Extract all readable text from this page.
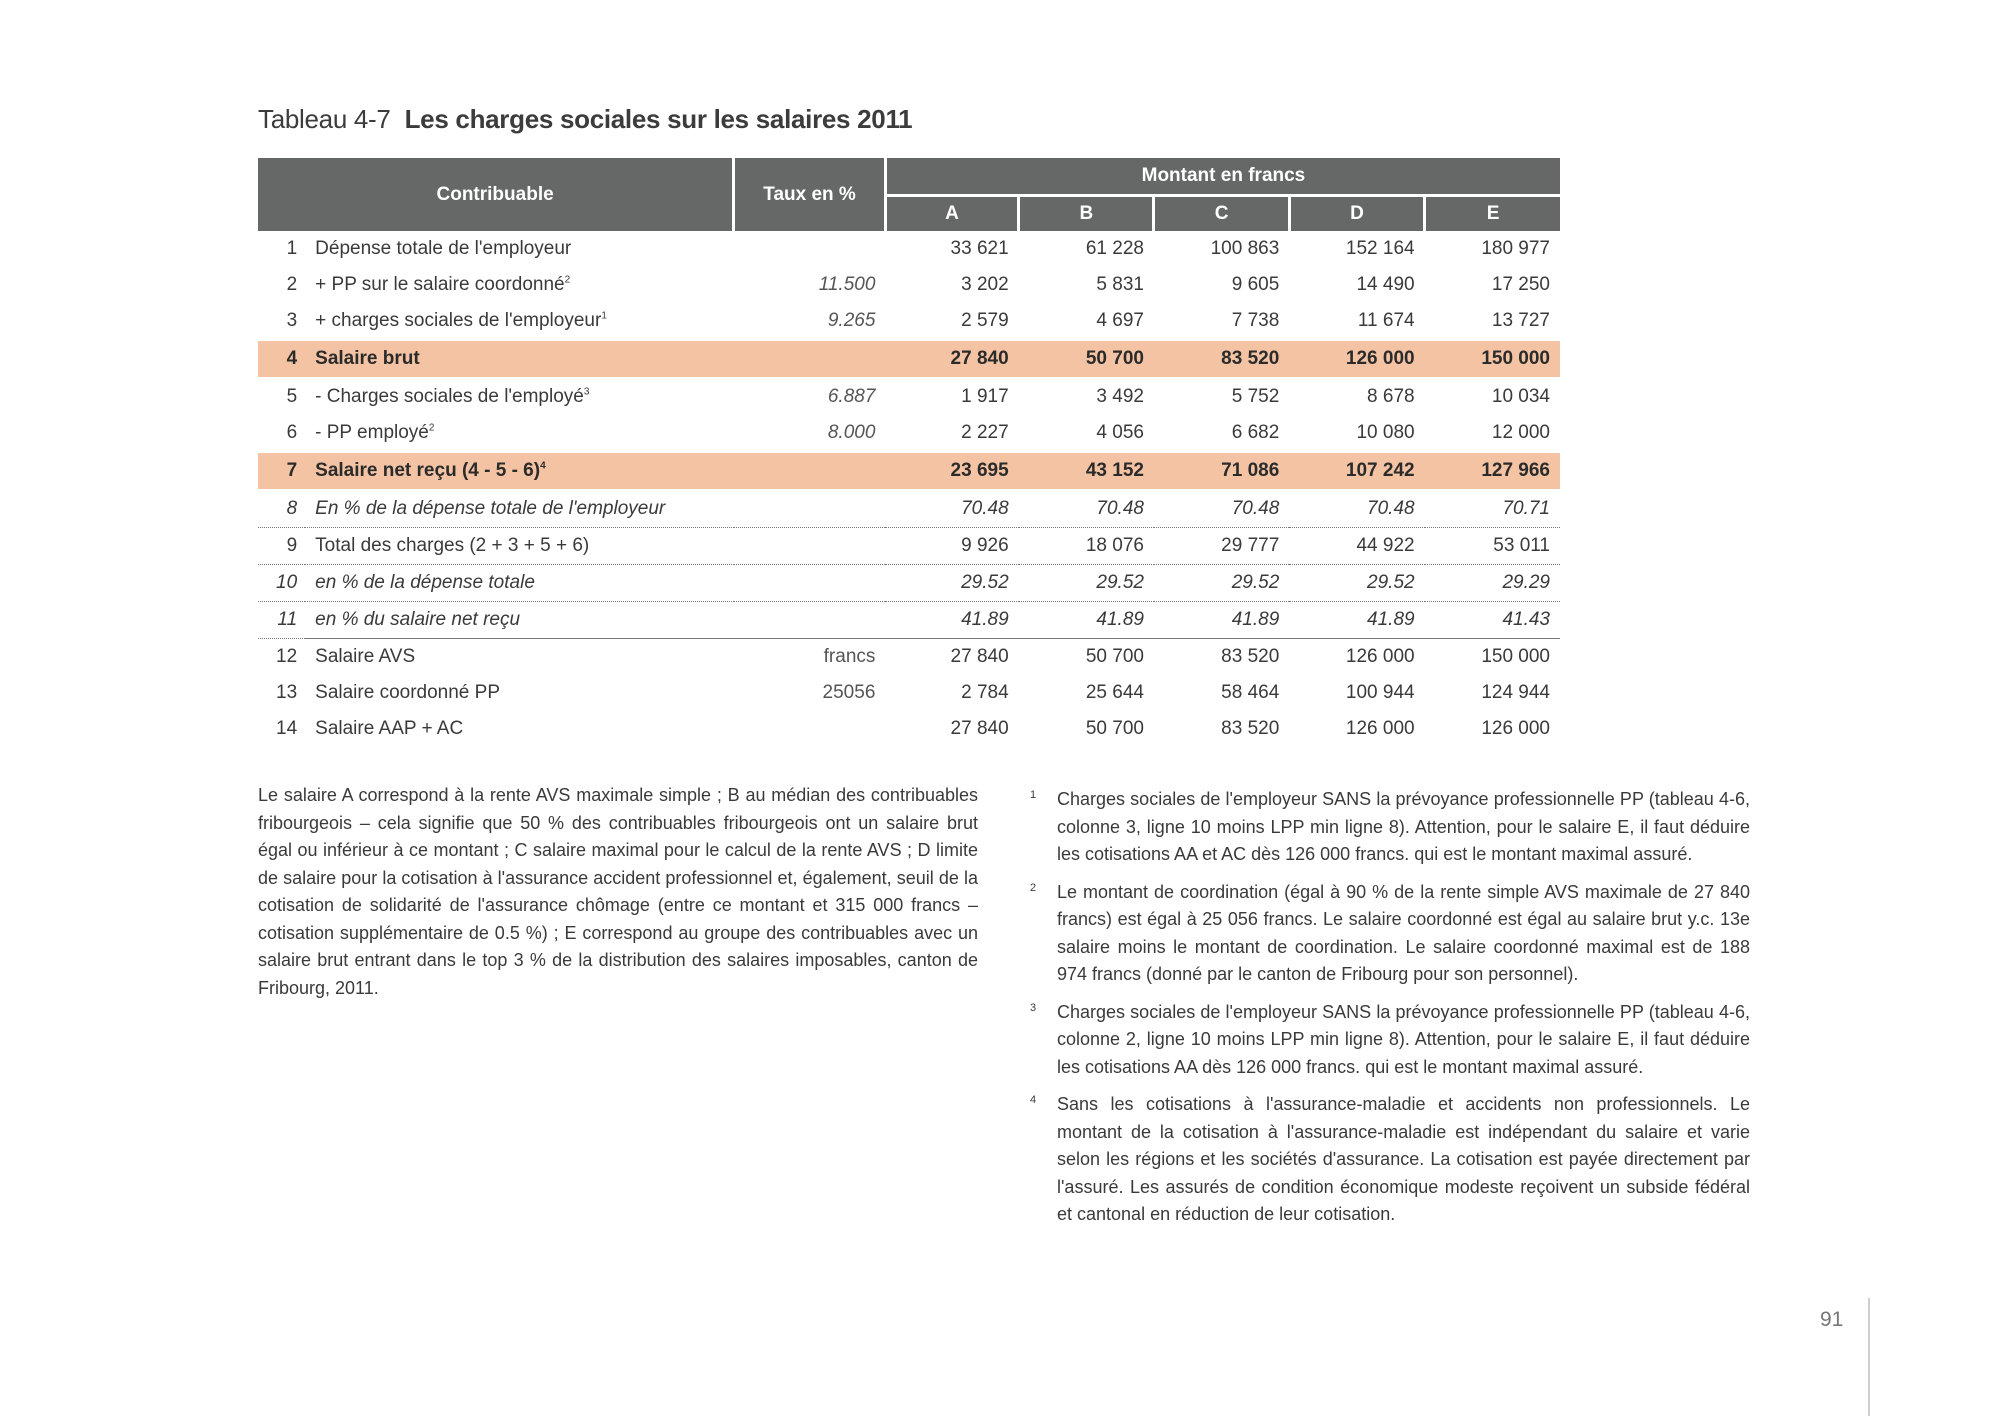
Tableau 4-7 Les charges sociales sur les salaires 2011
Contribuable		Taux en %	Montant en francs				
			A	B	C	D	E
1	Dépense totale de l'employeur		33 621	61 228	100 863	152 164	180 977
2	+ PP sur le salaire coordonné$^2$	11.500	3 202	5 831	9 605	14 490	17 250
3	+ charges sociales de l'employeur$^1$	9.265	2 579	4 697	7 738	11 674	13 727
4	Salaire brut		27 840	50 700	83 520	126 000	150 000
5	- Charges sociales de l'employé$^3$	6.887	1 917	3 492	5 752	8 678	10 034
6	- PP employé$^2$	8.000	2 227	4 056	6 682	10 080	12 000
7	Salaire net reçu (4 - 5 - 6)$^4$		23 695	43 152	71 086	107 242	127 966
8	En % de la dépense totale de l'employeur		70.48	70.48	70.48	70.48	70.71
9	Total des charges (2 + 3 + 5 + 6)		9 926	18 076	29 777	44 922	53 011
10	en % de la dépense totale		29.52	29.52	29.52	29.52	29.29
11	en % du salaire net reçu		41.89	41.89	41.89	41.89	41.43
12	Salaire AVS	francs	27 840	50 700	83 520	126 000	150 000
13	Salaire coordonné PP	25056	2 784	25 644	58 464	100 944	124 944
14	Salaire AAP + AC		27 840	50 700	83 520	126 000	126 000
Le salaire A correspond à la rente AVS maximale simple ; B au médian des contribuables fribourgeois – cela signifie que 50 % des contribuables fribourgeois ont un salaire brut égal ou inférieur à ce montant ; C salaire maximal pour le calcul de la rente AVS ; D limite de salaire pour la cotisation à l'assurance accident professionnel et, également, seuil de la cotisation de solidarité de l'assurance chômage (entre ce montant et 315 000 francs – cotisation supplémentaire de 0.5 %) ; E correspond au groupe des contribuables avec un salaire brut entrant dans le top 3 % de la distribution des salaires imposables, canton de Fribourg, 2011.
1 Charges sociales de l'employeur SANS la prévoyance professionnelle PP (tableau 4-6, colonne 3, ligne 10 moins LPP min ligne 8). Attention, pour le salaire E, il faut déduire les cotisations AA et AC dès 126 000 francs. qui est le montant maximal assuré.
2 Le montant de coordination (égal à 90 % de la rente simple AVS maximale de 27 840 francs) est égal à 25 056 francs. Le salaire coordonné est égal au salaire brut y.c. 13e salaire moins le montant de coordination. Le salaire coordonné maximal est de 188 974 francs (donné par le canton de Fribourg pour son personnel).
3 Charges sociales de l'employeur SANS la prévoyance professionnelle PP (tableau 4-6, colonne 2, ligne 10 moins LPP min ligne 8). Attention, pour le salaire E, il faut déduire les cotisations AA dès 126 000 francs. qui est le montant maximal assuré.
4 Sans les cotisations à l'assurance-maladie et accidents non professionnels. Le montant de la cotisation à l'assurance-maladie est indépendant du salaire et varie selon les régions et les sociétés d'assurance. La cotisation est payée directement par l'assuré. Les assurés de condition économique modeste reçoivent un subside fédéral et cantonal en réduction de leur cotisation.
91
